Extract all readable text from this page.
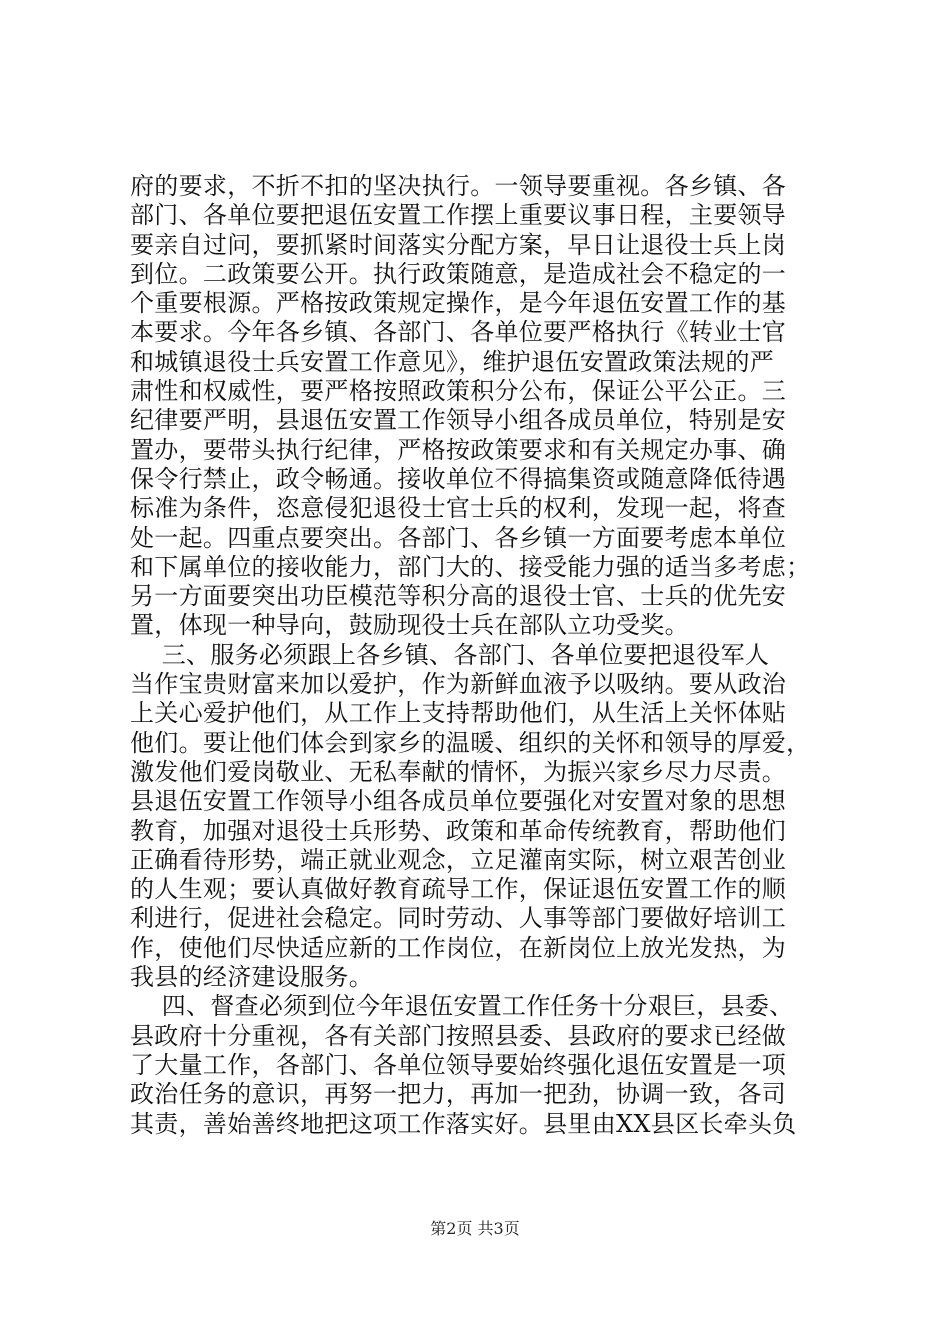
府的要求，不折不扣的坚决执行。一领导要重视。各乡镇、各
部门、各单位要把退伍安置工作摆上重要议事日程，主要领导
要亲自过问，要抓紧时间落实分配方案，早日让退役士兵上岗
到位。二政策要公开。执行政策随意，是造成社会不稳定的一
个重要根源。严格按政策规定操作，是今年退伍安置工作的基
本要求。今年各乡镇、各部门、各单位要严格执行《转业士官
和城镇退役士兵安置工作意见》，维护退伍安置政策法规的严
肃性和权威性，要严格按照政策积分公布，保证公平公正。三
纪律要严明，县退伍安置工作领导小组各成员单位，特别是安
置办，要带头执行纪律，严格按政策要求和有关规定办事、确
保令行禁止，政令畅通。接收单位不得搞集资或随意降低待遇
标准为条件，恣意侵犯退役士官士兵的权利，发现一起，将查
处一起。四重点要突出。各部门、各乡镇一方面要考虑本单位
和下属单位的接收能力，部门大的、接受能力强的适当多考虑；
另一方面要突出功臣模范等积分高的退役士官、士兵的优先安
置，体现一种导向，鼓励现役士兵在部队立功受奖。
三、服务必须跟上各乡镇、各部门、各单位要把退役军人
当作宝贵财富来加以爱护，作为新鲜血液予以吸纳。要从政治
上关心爱护他们，从工作上支持帮助他们，从生活上关怀体贴
他们。要让他们体会到家乡的温暖、组织的关怀和领导的厚爱，
激发他们爱岗敬业、无私奉献的情怀，为振兴家乡尽力尽责。
县退伍安置工作领导小组各成员单位要强化对安置对象的思想
教育，加强对退役士兵形势、政策和革命传统教育，帮助他们
正确看待形势，端正就业观念，立足灌南实际，树立艰苦创业
的人生观；要认真做好教育疏导工作，保证退伍安置工作的顺
利进行，促进社会稳定。同时劳动、人事等部门要做好培训工
作，使他们尽快适应新的工作岗位，在新岗位上放光发热，为
我县的经济建设服务。
四、督查必须到位今年退伍安置工作任务十分艰巨，县委、
县政府十分重视，各有关部门按照县委、县政府的要求已经做
了大量工作，各部门、各单位领导要始终强化退伍安置是一项
政治任务的意识，再努一把力，再加一把劲，协调一致，各司
其责，善始善终地把这项工作落实好。县里由XX县区长牵头负
第2页 共3页
